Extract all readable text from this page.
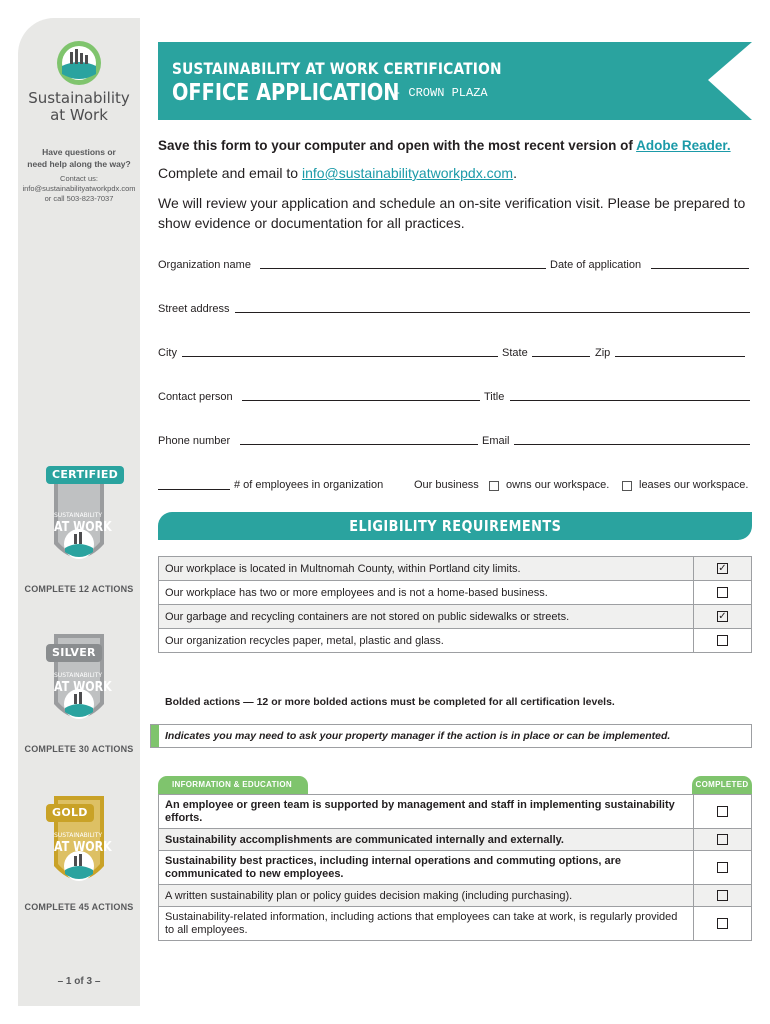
Sustainability
at Work
Have questions or
need help along the way?
Contact us:
info@sustainabilityatworkpdx.com
or call 503-823-7037
CERTIFIED
SUSTAINABILITY
AT WORK
COMPLETE 12 ACTIONS
SILVER
SUSTAINABILITY
AT WORK
COMPLETE 30 ACTIONS
GOLD
SUSTAINABILITY
AT WORK
COMPLETE 45 ACTIONS
– 1 of 3 –
SUSTAINABILITY AT WORK CERTIFICATION
OFFICE APPLICATION
- CROWN PLAZA
Save this form to your computer and open with the most recent version of Adobe Reader.
Complete and email to info@sustainabilityatworkpdx.com.
We will review your application and schedule an on-site verification visit. Please be prepared to show evidence or documentation for all practices.
Organization name	Date of application
Street address
City	State	Zip
Contact person	Title
Phone number	Email
# of employees in organization	Our business owns our workspace.	leases our workspace.
ELIGIBILITY REQUIREMENTS
Our workplace is located in Multnomah County, within Portland city limits.	✓
Our workplace has two or more employees and is not a home-based business.	
Our garbage and recycling containers are not stored on public sidewalks or streets.	✓
Our organization recycles paper, metal, plastic and glass.	
Bolded actions — 12 or more bolded actions must be completed for all certification levels.
Indicates you may need to ask your property manager if the action is in place or can be implemented.
INFORMATION & EDUCATION	COMPLETED
An employee or green team is supported by management and staff in implementing sustainability efforts.	
Sustainability accomplishments are communicated internally and externally.	
Sustainability best practices, including internal operations and commuting options, are communicated to new employees.	
A written sustainability plan or policy guides decision making (including purchasing).	
Sustainability-related information, including actions that employees can take at work, is regularly provided to all employees.	
